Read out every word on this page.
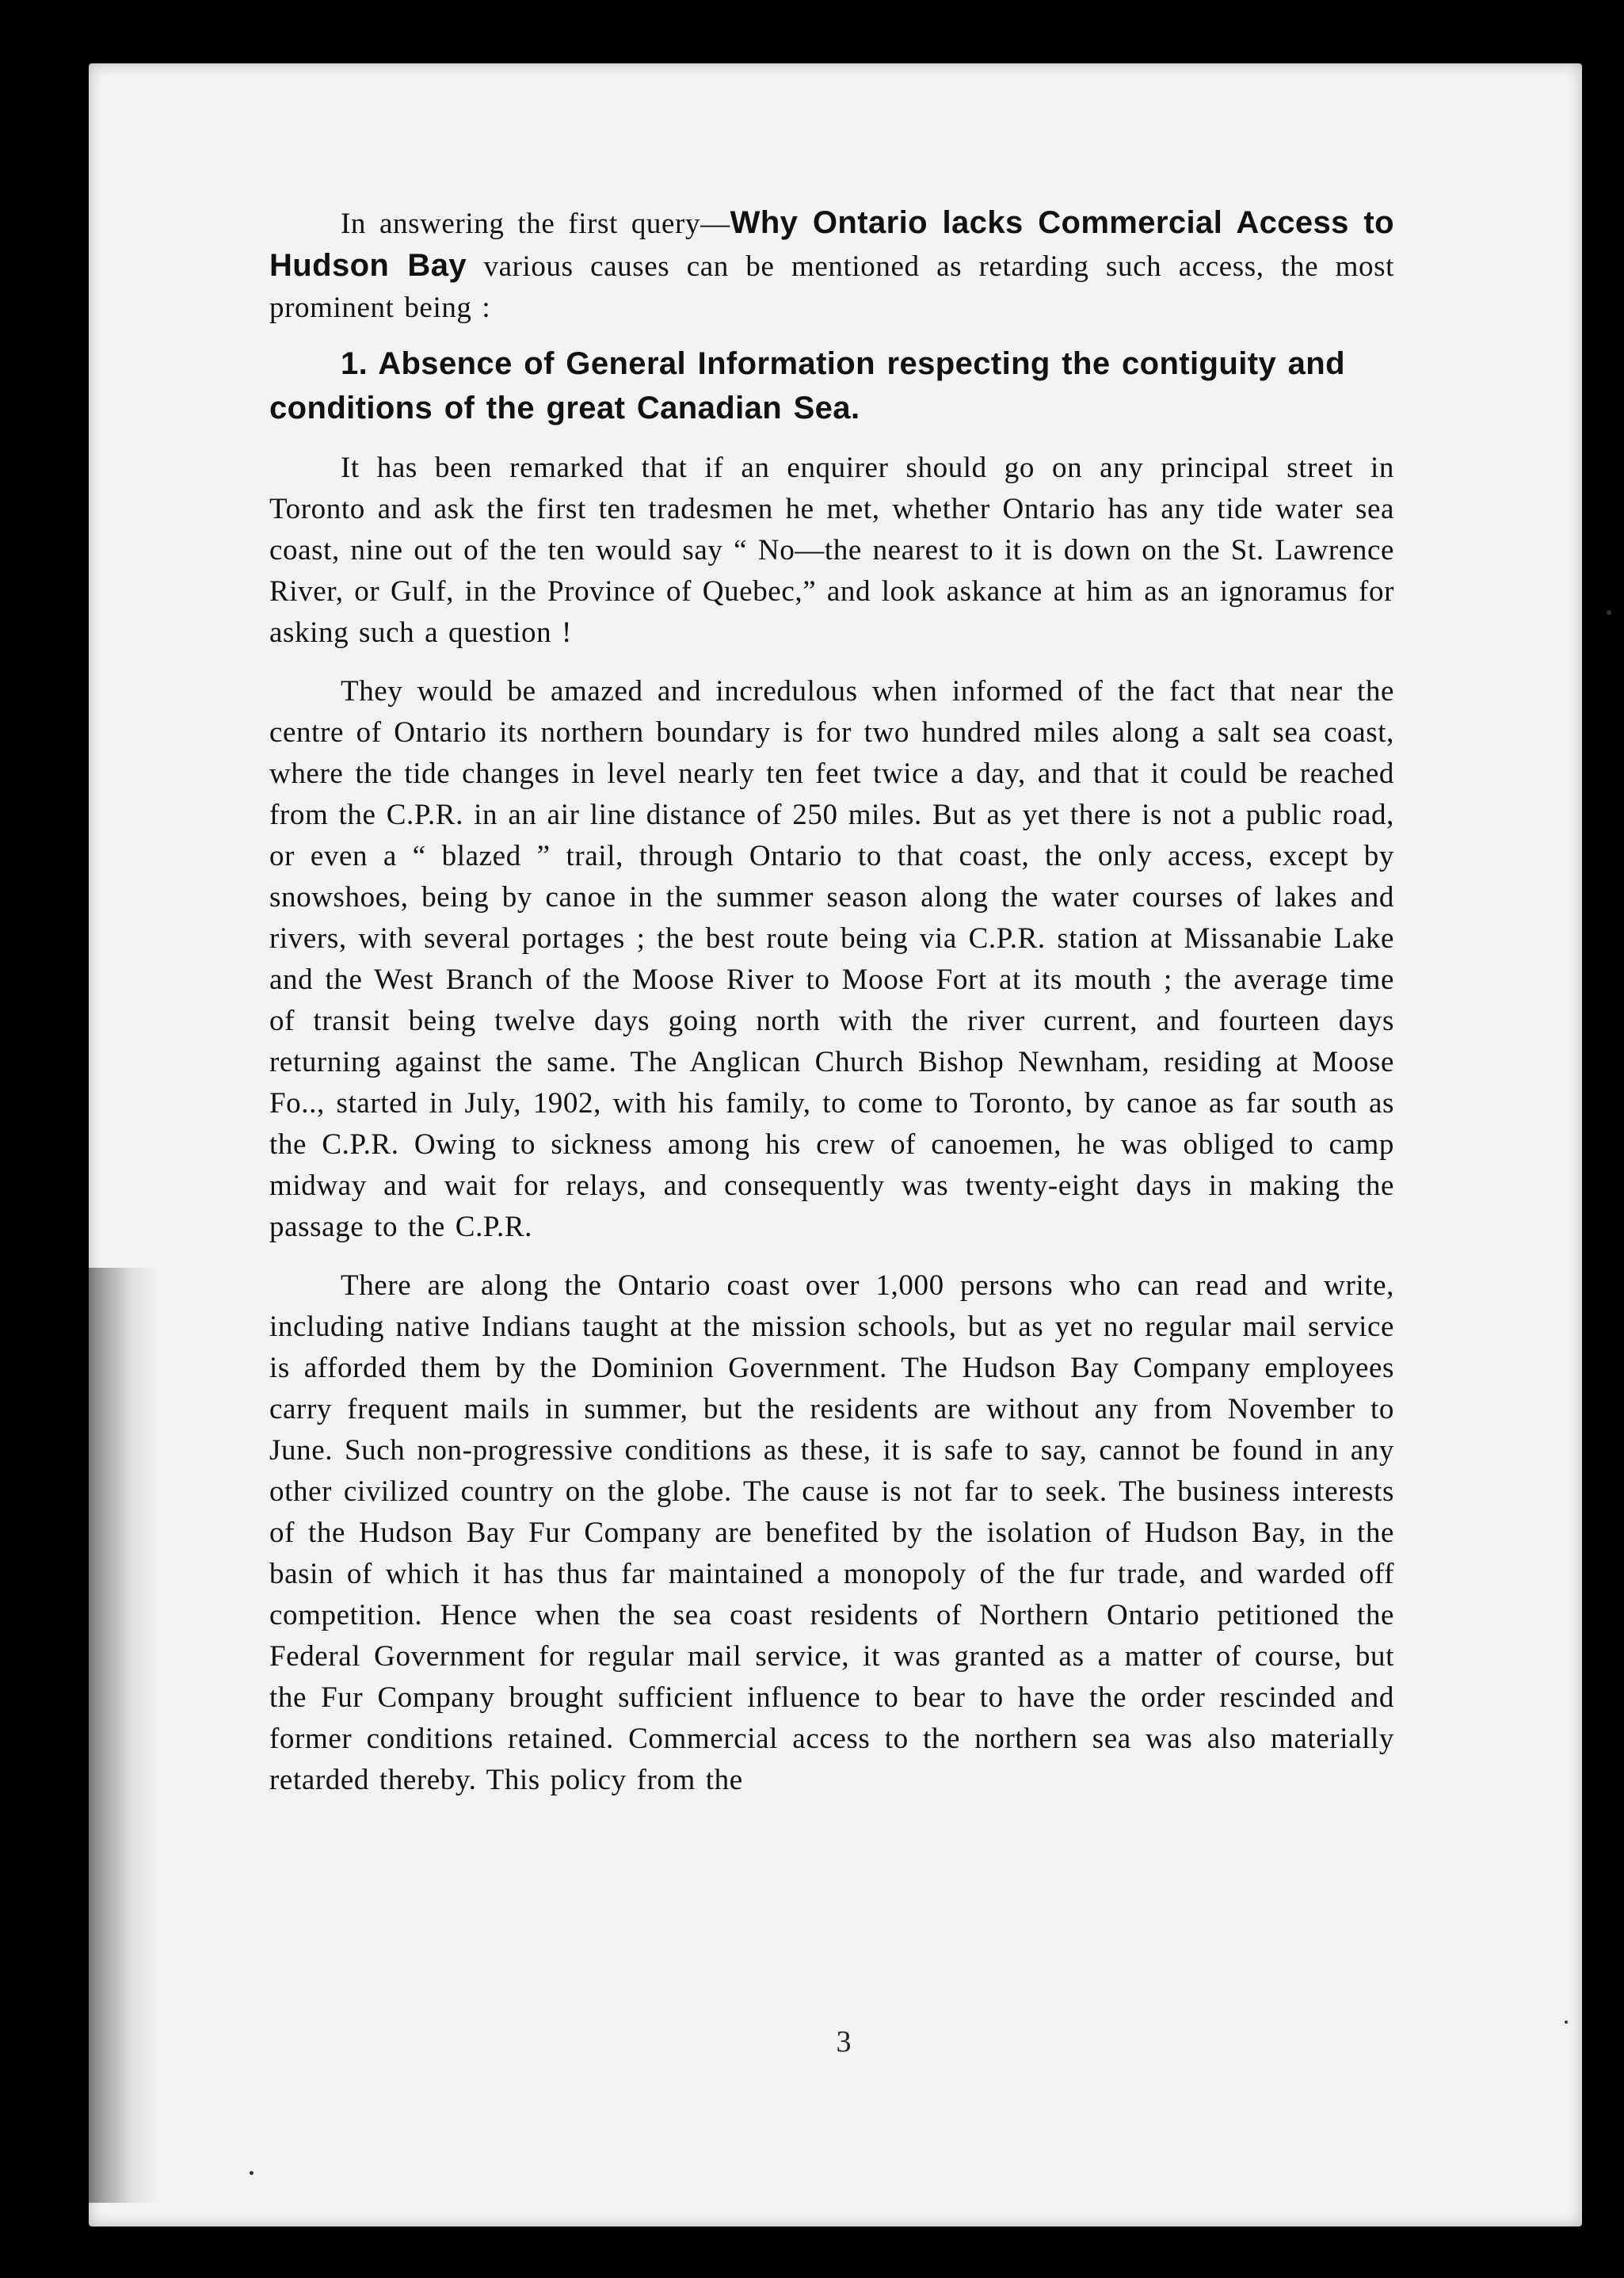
In answering the first query—Why Ontario lacks Commercial Access to Hudson Bay various causes can be mentioned as retarding such access, the most prominent being :

1. Absence of General Information respecting the contiguity and conditions of the great Canadian Sea.

It has been remarked that if an enquirer should go on any principal street in Toronto and ask the first ten tradesmen he met, whether Ontario has any tide water sea coast, nine out of the ten would say “ No—the nearest to it is down on the St. Lawrence River, or Gulf, in the Province of Quebec,” and look askance at him as an ignoramus for asking such a question !

They would be amazed and incredulous when informed of the fact that near the centre of Ontario its northern boundary is for two hundred miles along a salt sea coast, where the tide changes in level nearly ten feet twice a day, and that it could be reached from the C.P.R. in an air line distance of 250 miles. But as yet there is not a public road, or even a “ blazed ” trail, through Ontario to that coast, the only access, except by snowshoes, being by canoe in the summer season along the water courses of lakes and rivers, with several portages ; the best route being via C.P.R. station at Missanabie Lake and the West Branch of the Moose River to Moose Fort at its mouth ; the average time of transit being twelve days going north with the river current, and fourteen days returning against the same. The Anglican Church Bishop Newnham, residing at Moose Fo.., started in July, 1902, with his family, to come to Toronto, by canoe as far south as the C.P.R. Owing to sickness among his crew of canoemen, he was obliged to camp midway and wait for relays, and consequently was twenty-eight days in making the passage to the C.P.R.

There are along the Ontario coast over 1,000 persons who can read and write, including native Indians taught at the mission schools, but as yet no regular mail service is afforded them by the Dominion Government. The Hudson Bay Company employees carry frequent mails in summer, but the residents are without any from November to June. Such non-progressive conditions as these, it is safe to say, cannot be found in any other civilized country on the globe. The cause is not far to seek. The business interests of the Hudson Bay Fur Company are benefited by the isolation of Hudson Bay, in the basin of which it has thus far maintained a monopoly of the fur trade, and warded off competition. Hence when the sea coast residents of Northern Ontario petitioned the Federal Government for regular mail service, it was granted as a matter of course, but the Fur Company brought sufficient influence to bear to have the order rescinded and former conditions retained. Commercial access to the northern sea was also materially retarded thereby. This policy from the

3
